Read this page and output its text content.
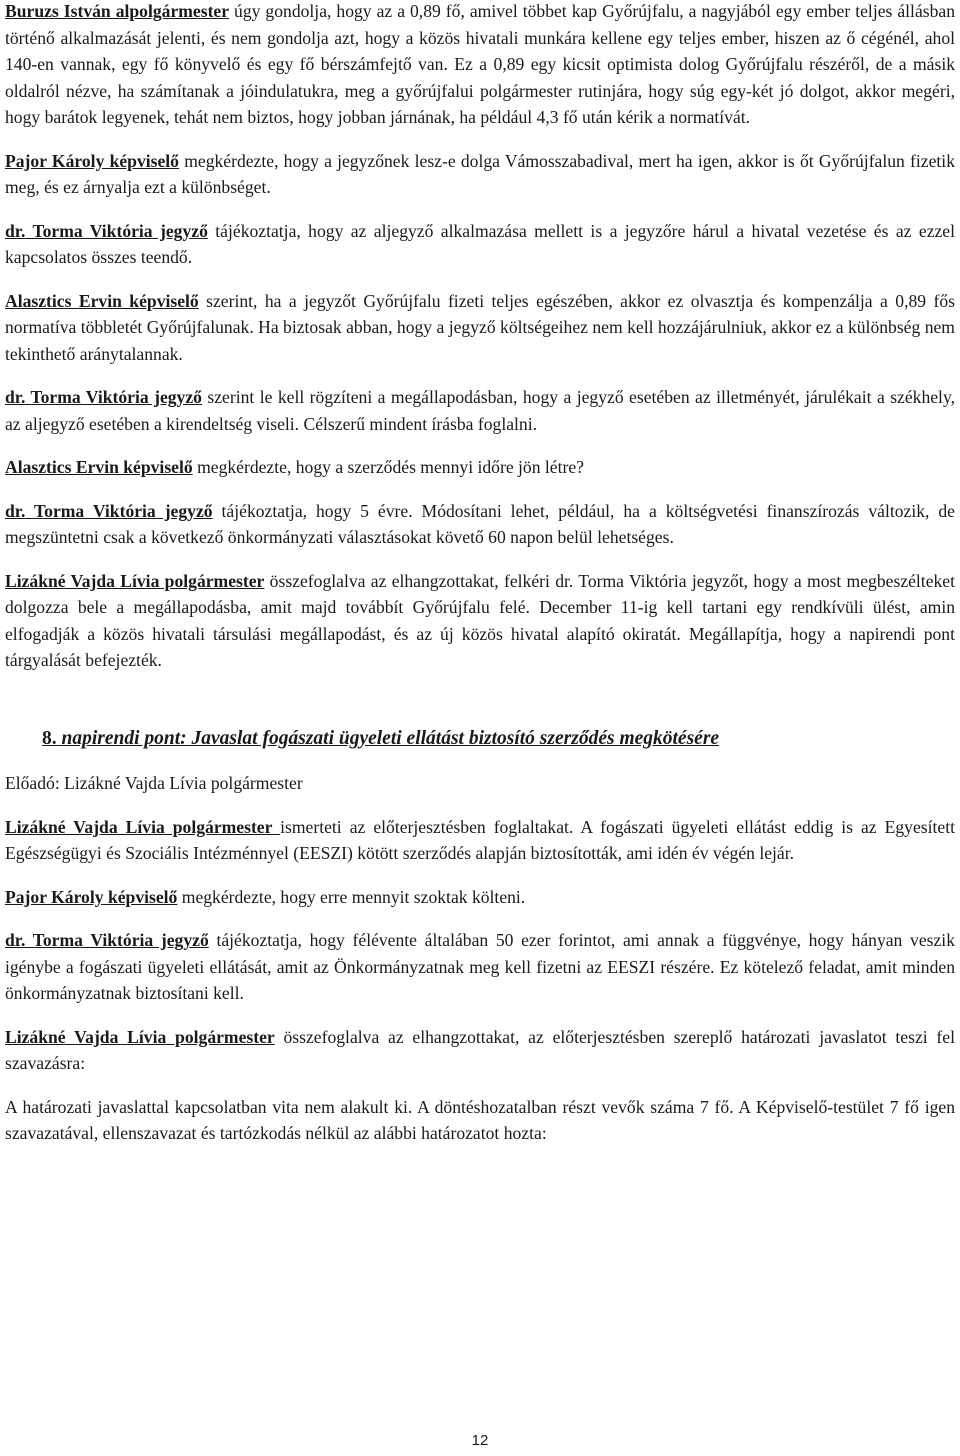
Buruzs István alpolgármester úgy gondolja, hogy az a 0,89 fő, amivel többet kap Győrújfalu, a nagyjából egy ember teljes állásban történő alkalmazását jelenti, és nem gondolja azt, hogy a közös hivatali munkára kellene egy teljes ember, hiszen az ő cégénél, ahol 140-en vannak, egy fő könyvelő és egy fő bérszámfejtő van. Ez a 0,89 egy kicsit optimista dolog Győrújfalu részéről, de a másik oldalról nézve, ha számítanak a jóindulatukra, meg a győrújfalui polgármester rutinjára, hogy súg egy-két jó dolgot, akkor megéri, hogy barátok legyenek, tehát nem biztos, hogy jobban járnának, ha például 4,3 fő után kérik a normatívát.

Pajor Károly képviselő megkérdezte, hogy a jegyzőnek lesz-e dolga Vámosszabadival, mert ha igen, akkor is őt Győrújfalun fizetik meg, és ez árnyalja ezt a különbséget.

dr. Torma Viktória jegyző tájékoztatja, hogy az aljegyző alkalmazása mellett is a jegyzőre hárul a hivatal vezetése és az ezzel kapcsolatos összes teendő.

Alasztics Ervin képviselő szerint, ha a jegyzőt Győrújfalu fizeti teljes egészében, akkor ez olvasztja és kompenzálja a 0,89 fős normatíva többletét Győrújfalunak. Ha biztosak abban, hogy a jegyző költségeihez nem kell hozzájárulniuk, akkor ez a különbség nem tekinthető aránytalannak.

dr. Torma Viktória jegyző szerint le kell rögzíteni a megállapodásban, hogy a jegyző esetében az illetményét, járulékait a székhely, az aljegyző esetében a kirendeltség viseli. Célszerű mindent írásba foglalni.

Alasztics Ervin képviselő megkérdezte, hogy a szerződés mennyi időre jön létre?

dr. Torma Viktória jegyző tájékoztatja, hogy 5 évre. Módosítani lehet, például, ha a költségvetési finanszírozás változik, de megszüntetni csak a következő önkormányzati választásokat követő 60 napon belül lehetséges.

Lizákné Vajda Lívia polgármester összefoglalva az elhangzottakat, felkéri dr. Torma Viktória jegyzőt, hogy a most megbeszélteket dolgozza bele a megállapodásba, amit majd továbbít Győrújfalu felé. December 11-ig kell tartani egy rendkívüli ülést, amin elfogadják a közös hivatali társulási megállapodást, és az új közös hivatal alapító okiratát. Megállapítja, hogy a napirendi pont tárgyalását befejezték.

8. napirendi pont: Javaslat fogászati ügyeleti ellátást biztosító szerződés megkötésére

Előadó: Lizákné Vajda Lívia polgármester

Lizákné Vajda Lívia polgármester ismerteti az előterjesztésben foglaltakat. A fogászati ügyeleti ellátást eddig is az Egyesített Egészségügyi és Szociális Intézménnyel (EESZI) kötött szerződés alapján biztosították, ami idén év végén lejár.

Pajor Károly képviselő megkérdezte, hogy erre mennyit szoktak költeni.

dr. Torma Viktória jegyző tájékoztatja, hogy félévente általában 50 ezer forintot, ami annak a függvénye, hogy hányan veszik igénybe a fogászati ügyeleti ellátását, amit az Önkormányzatnak meg kell fizetni az EESZI részére. Ez kötelező feladat, amit minden önkormányzatnak biztosítani kell.

Lizákné Vajda Lívia polgármester összefoglalva az elhangzottakat, az előterjesztésben szereplő határozati javaslatot teszi fel szavazásra:

A határozati javaslattal kapcsolatban vita nem alakult ki. A döntéshozatalban részt vevők száma 7 fő. A Képviselő-testület 7 fő igen szavazatával, ellenszavazat és tartózkodás nélkül az alábbi határozatot hozta:

12
